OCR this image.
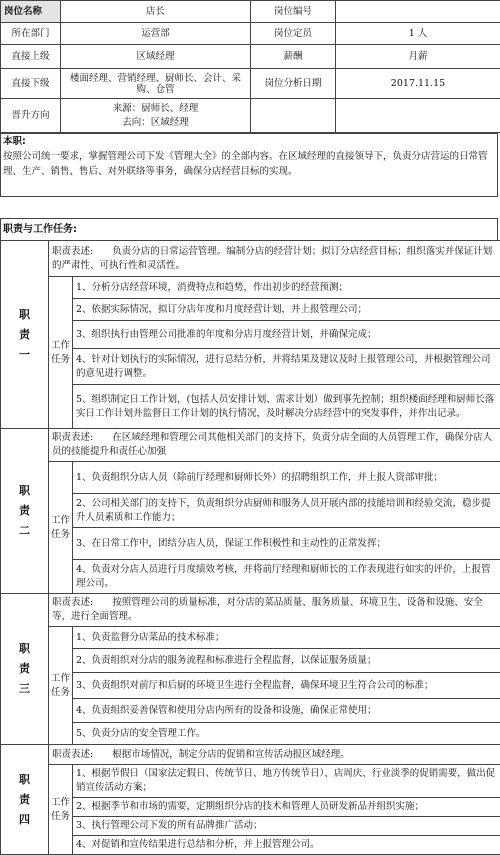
岗位名称	店长	岗位编号	
所在部门	运营部	岗位定员	1 人
直接上级	区域经理	薪酬	月薪
直接下级	楼面经理、营销经理、厨师长、会计、采购、仓管	岗位分析日期	2017.11.15
晋升方向	来源：厨师长、经理
去向：区域经理		

本职:
按照公司统一要求，掌握管理公司下发《管理大全》的全部内容。在区域经理的直接领导下，负责分店营运的日常管理、生产、销售、售后、对外联络等事务，确保分店经营目标的实现。
职责与工作任务:
职
责
一	职责表述:　　负责分店的日常运营管理。编制分店的经营计划；拟订分店经营目标；组织落实并保证计划的严肃性、可执行性和灵活性。	

	工作
任务	1、分析分店经营环境，消费特点和趋势，作出初步的经营预测；
		2、依据实际情况，拟订分店年度和月度经营计划，并上报管理公司；
		3、组织执行由管理公司批准的年度和分店月度经营计划，并确保完成；
		4、针对计划执行的实际情况，进行总结分析，并将结果及建议及时上报管理公司，并根据管理公司的意见进行调整。
		5、组织制定日工作计划，(包括人员安排计划、需求计划）做到事先控制；组织楼面经理和厨师长落实日工作计划并监督日工作计划的执行情况，及时解决分店经营中的突发事件，并作出记录。

职
责
二	职责表述:　　在区域经理和管理公司其他相关部门的支持下，负责分店全面的人员管理工作，确保分店人员的技能提升和责任心加强	

	工作
任务	1、负责组织分店人员（除前厅经理和厨师长外）的招聘组织工作，并上报人资部审批；
		2、公司相关部门的支持下，负责组织分店厨师和服务人员开展内部的技能培训和经验交流，稳步提升人员素质和工作能力；
		3、在日常工作中，团结分店人员，保证工作积极性和主动性的正常发挥；
		4、负责对分店人员进行月度绩效考核，并将前厅经理和厨师长的工作表现进行如实的评价，上报管理公司。

职
责
三	职责表述:　　按照管理公司的质量标准，对分店的菜品质量、服务质量、环境卫生、设备和设施、安全等，进行全面管理。	

	工作
任务	1、负责监督分店菜品的技术标准；
		2、负责组织对分店的服务流程和标准进行全程监督，以保证服务质量；
		3、负责组织对前厅和后厨的环境卫生进行全程监督，确保环境卫生符合公司的标准；
		4、负责组织妥善保管和使用分店内所有的设备和设施，确保正常使用；
		5、负责分店的安全管理工作。

职
责
四	职责表述:　　根据市场情况，制定分店的促销和宣传活动报区域经理。	

	工作
任务	1、根据节假日（国家法定假日、传统节日、地方传统节日）、店周庆、行业淡季的促销需要，做出促销宣传活动方案；
		2、根据季节和市场的需要，定期组织分店的技术和管理人员研发新品并组织实施；
		3、执行管理公司下发的所有品牌推广活动；
		4、对促销和宣传结果进行总结和分析，并上报管理公司。
